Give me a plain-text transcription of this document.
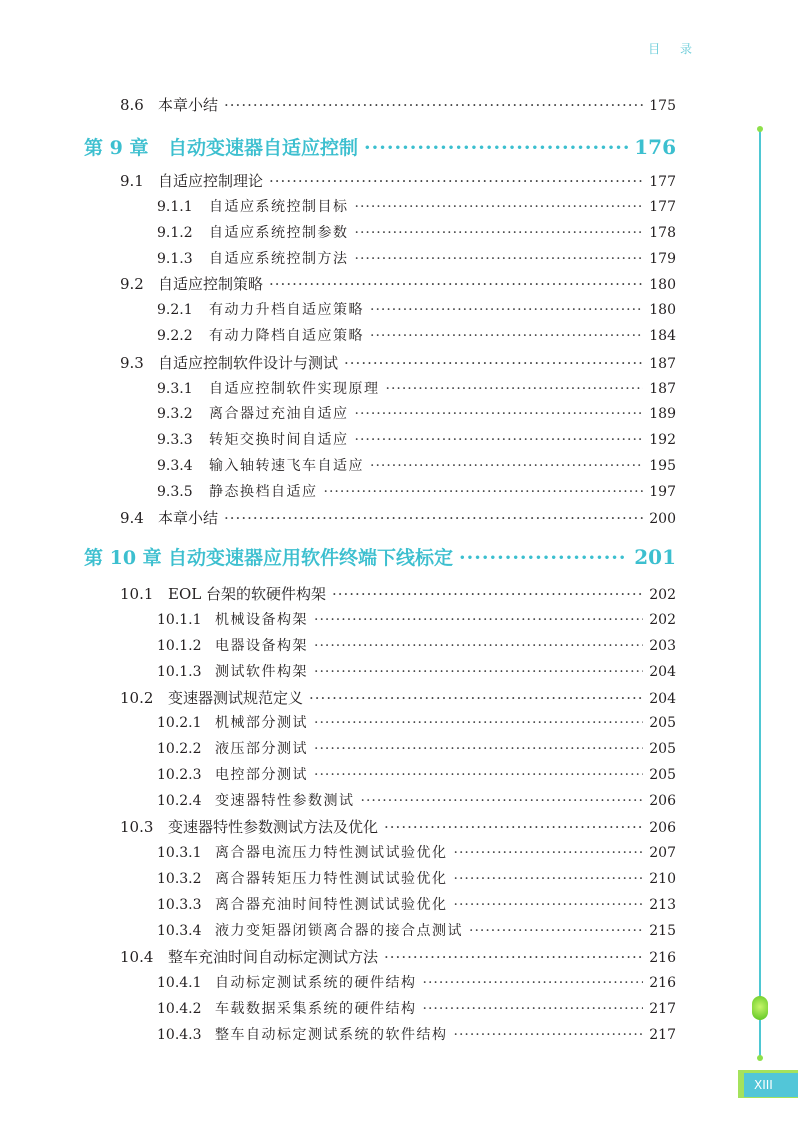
目 录
8.6 本章小结 ·····	175
第 9 章	自动变速器自适应控制 ·····	176
9.1 自适应控制理论 ·····	177
9.1.1	自适应系统控制目标 ·····	177
9.1.2	自适应系统控制参数 ·····	178
9.1.3	自适应系统控制方法 ·····	179
9.2 自适应控制策略 ·····	180
9.2.1	有动力升档自适应策略 ·····	180
9.2.2	有动力降档自适应策略 ·····	184
9.3 自适应控制软件设计与测试 ·····	187
9.3.1	自适应控制软件实现原理 ·····	187
9.3.2	离合器过充油自适应 ·····	189
9.3.3	转矩交换时间自适应 ·····	192
9.3.4	输入轴转速飞车自适应 ·····	195
9.3.5	静态换档自适应 ·····	197
9.4 本章小结 ·····	200
第 10 章 自动变速器应用软件终端下线标定 ·····	201
10.1 EOL 台架的软硬件构架 ·····	202
10.1.1 机械设备构架 ·····	202
10.1.2 电器设备构架 ·····	203
10.1.3 测试软件构架 ·····	204
10.2 变速器测试规范定义 ·····	204
10.2.1 机械部分测试 ·····	205
10.2.2 液压部分测试 ·····	205
10.2.3 电控部分测试 ·····	205
10.2.4 变速器特性参数测试 ·····	206
10.3 变速器特性参数测试方法及优化 ·····	206
10.3.1 离合器电流压力特性测试试验优化 ·····	207
10.3.2 离合器转矩压力特性测试试验优化 ·····	210
10.3.3 离合器充油时间特性测试试验优化 ·····	213
10.3.4 液力变矩器闭锁离合器的接合点测试 ·····	215
10.4 整车充油时间自动标定测试方法 ·····	216
10.4.1 自动标定测试系统的硬件结构 ·····	216
10.4.2 车载数据采集系统的硬件结构 ·····	217
10.4.3 整车自动标定测试系统的软件结构 ·····	217
XIII
